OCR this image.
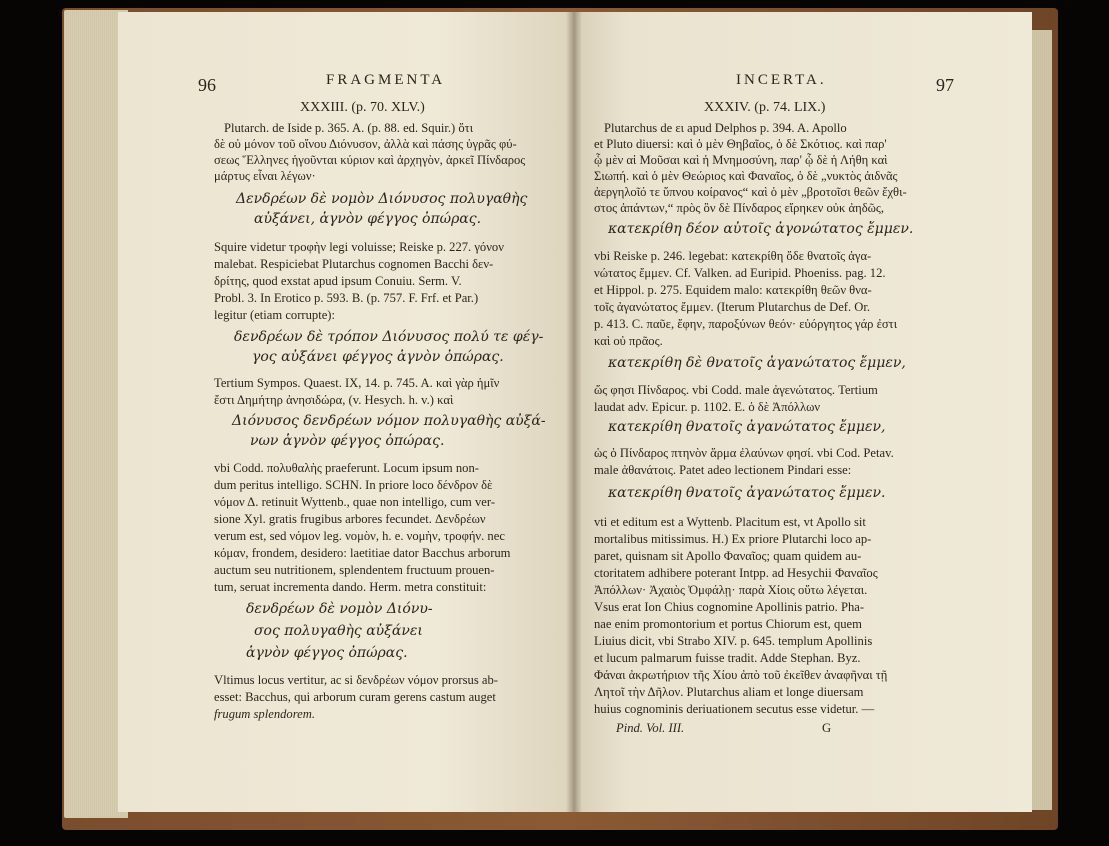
96	FRAGMENTA
XXXIII. (p. 70. XLV.)
Plutarch. de Iside p. 365. A. (p. 88. ed. Squir.) ὅτι
δὲ οὐ μόνον τοῦ οἴνου Διόνυσον, ἀλλὰ καὶ πάσης ὑγρᾶς φύ-
σεως Ἕλληνες ἡγοῦνται κύριον καὶ ἀρχηγὸν, ἀρκεῖ Πίνδαρος
μάρτυς εἶναι λέγων·
Δενδρέων δὲ νομὸν Διόνυσος πολυγαθὴς
αὐξάνει, ἁγνὸν φέγγος ὀπώρας.
Squire videtur τροφὴν legi voluisse; Reiske p. 227. γόνον
malebat. Respiciebat Plutarchus cognomen Bacchi δεν-
δρίτης, quod exstat apud ipsum Conuiu. Serm. V.
Probl. 3. In Erotico p. 593. B. (p. 757. F. Frf. et Par.)
legitur (etiam corrupte):
δενδρέων δὲ τρόπον Διόνυσος πολύ τε φέγ-
γος αὐξάνει φέγγος ἁγνὸν ὀπώρας.
Tertium Sympos. Quaest. IX, 14. p. 745. A. καὶ γὰρ ἡμῖν
ἔστι Δημήτηρ ἀνησιδώρα, (v. Hesych. h. v.) καὶ
Διόνυσος δενδρέων νόμον πολυγαθὴς αὐξά-
νων ἁγνὸν φέγγος ὀπώρας.
vbi Codd. πολυθαλὴς praeferunt. Locum ipsum non-
dum peritus intelligo. SCHN. In priore loco δένδρον δὲ
νόμον Δ. retinuit Wyttenb., quae non intelligo, cum ver-
sione Xyl. gratis frugibus arbores fecundet. Δενδρέων
verum est, sed νόμον leg. νομὸν, h. e. νομὴν, τροφήν. nec
κόμαν, frondem, desidero: laetitiae dator Bacchus arborum
auctum seu nutritionem, splendentem fructuum prouen-
tum, seruat incrementa dando. Herm. metra constituit:
δενδρέων δὲ νομὸν Διόνυ-
σος πολυγαθὴς αὐξάνει
ἁγνὸν φέγγος ὀπώρας.
Vltimus locus vertitur, ac si δενδρέων νόμον prorsus ab-
esset: Bacchus, qui arborum curam gerens castum auget
frugum splendorem.
INCERTA.	97
XXXIV. (p. 74. LIX.)
Plutarchus de ει apud Delphos p. 394. A. Apollo
et Pluto diuersi: καὶ ὁ μὲν Θηβαῖος, ὁ δὲ Σκότιος. καὶ παρ'
ᾧ μὲν αἱ Μοῦσαι καὶ ἡ Μνημοσύνη, παρ' ᾧ δὲ ἡ Λήθη καὶ
Σιωπή. καὶ ὁ μὲν Θεώριος καὶ Φαναῖος, ὁ δὲ „νυκτὸς ἀιδνᾶς
ἀεργηλοῖό τε ὕπνου κοίρανος“ καὶ ὁ μὲν „βροτοῖσι θεῶν ἔχθι-
στος ἁπάντων,“ πρὸς ὃν δὲ Πίνδαρος εἴρηκεν οὐκ ἀηδῶς,
κατεκρίθη δέον αὐτοῖς ἀγονώτατος ἔμμεν.
vbi Reiske p. 246. legebat: κατεκρίθη ὅδε θνατοῖς ἀγα-
νώτατος ἔμμεν. Cf. Valken. ad Euripid. Phoeniss. pag. 12.
et Hippol. p. 275. Equidem malo: κατεκρίθη θεῶν θνα-
τοῖς ἀγανώτατος ἔμμεν. (Iterum Plutarchus de Def. Or.
p. 413. C. παῦε, ἔφην, παροξύνων θεόν· εὐόργητος γάρ ἐστι
καὶ οὐ πρᾶος.
κατεκρίθη δὲ θνατοῖς ἀγανώτατος ἔμμεν,
ὥς φησι Πίνδαρος. vbi Codd. male ἀγενώτατος. Tertium
laudat adv. Epicur. p. 1102. E. ὁ δὲ Ἀπόλλων
κατεκρίθη θνατοῖς ἀγανώτατος ἔμμεν,
ὡς ὁ Πίνδαρος πτηνὸν ἅρμα ἐλαύνων φησί. vbi Cod. Petav.
male ἀθανάτοις. Patet adeo lectionem Pindari esse:
κατεκρίθη θνατοῖς ἀγανώτατος ἔμμεν.
vti et editum est a Wyttenb. Placitum est, vt Apollo sit
mortalibus mitissimus. H.) Ex priore Plutarchi loco ap-
paret, quisnam sit Apollo Φαναῖος; quam quidem au-
ctoritatem adhibere poterant Intpp. ad Hesychii Φαναῖος
Ἀπόλλων· Ἀχαιὸς Ὀμφάλῃ· παρὰ Χίοις οὕτω λέγεται.
Vsus erat Ion Chius cognomine Apollinis patrio. Pha-
nae enim promontorium et portus Chiorum est, quem
Liuius dicit, vbi Strabo XIV. p. 645. templum Apollinis
et lucum palmarum fuisse tradit. Adde Stephan. Byz.
Φάναι ἀκρωτήριον τῆς Χίου ἀπὸ τοῦ ἐκεῖθεν ἀναφῆναι τῇ
Λητοῖ τὴν Δῆλον. Plutarchus aliam et longe diuersam
huius cognominis deriuationem secutus esse videtur. —
Pind. Vol. III.	G
